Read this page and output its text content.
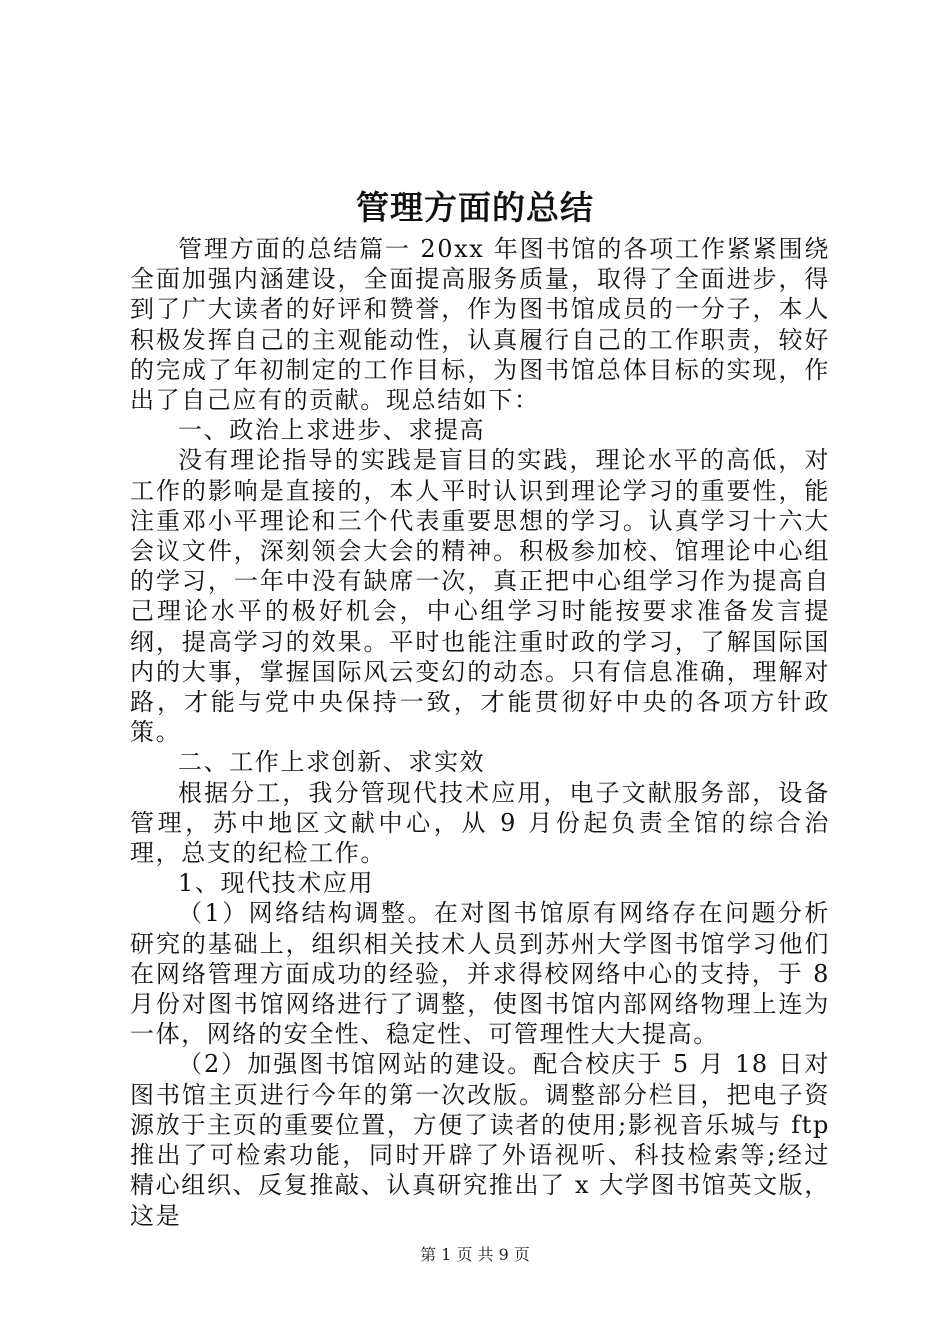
管理方面的总结

管理方面的总结篇一 20xx 年图书馆的各项工作紧紧围绕全面加强内涵建设，全面提高服务质量，取得了全面进步，得到了广大读者的好评和赞誉，作为图书馆成员的一分子，本人积极发挥自己的主观能动性，认真履行自己的工作职责，较好的完成了年初制定的工作目标，为图书馆总体目标的实现，作出了自己应有的贡献。现总结如下：

一、政治上求进步、求提高

没有理论指导的实践是盲目的实践，理论水平的高低，对工作的影响是直接的，本人平时认识到理论学习的重要性，能注重邓小平理论和三个代表重要思想的学习。认真学习十六大会议文件，深刻领会大会的精神。积极参加校、馆理论中心组的学习，一年中没有缺席一次，真正把中心组学习作为提高自己理论水平的极好机会，中心组学习时能按要求准备发言提纲，提高学习的效果。平时也能注重时政的学习，了解国际国内的大事，掌握国际风云变幻的动态。只有信息准确，理解对路，才能与党中央保持一致，才能贯彻好中央的各项方针政策。

二、工作上求创新、求实效

根据分工，我分管现代技术应用，电子文献服务部，设备管理，苏中地区文献中心，从 9 月份起负责全馆的综合治理，总支的纪检工作。

1、现代技术应用

（1）网络结构调整。在对图书馆原有网络存在问题分析研究的基础上，组织相关技术人员到苏州大学图书馆学习他们在网络管理方面成功的经验，并求得校网络中心的支持，于 8 月份对图书馆网络进行了调整，使图书馆内部网络物理上连为一体，网络的安全性、稳定性、可管理性大大提高。

（2）加强图书馆网站的建设。配合校庆于 5 月 18 日对图书馆主页进行今年的第一次改版。调整部分栏目，把电子资源放于主页的重要位置，方便了读者的使用;影视音乐城与 ftp 推出了可检索功能，同时开辟了外语视听、科技检索等;经过精心组织、反复推敲、认真研究推出了 x 大学图书馆英文版，这是

第 1 页 共 9 页
